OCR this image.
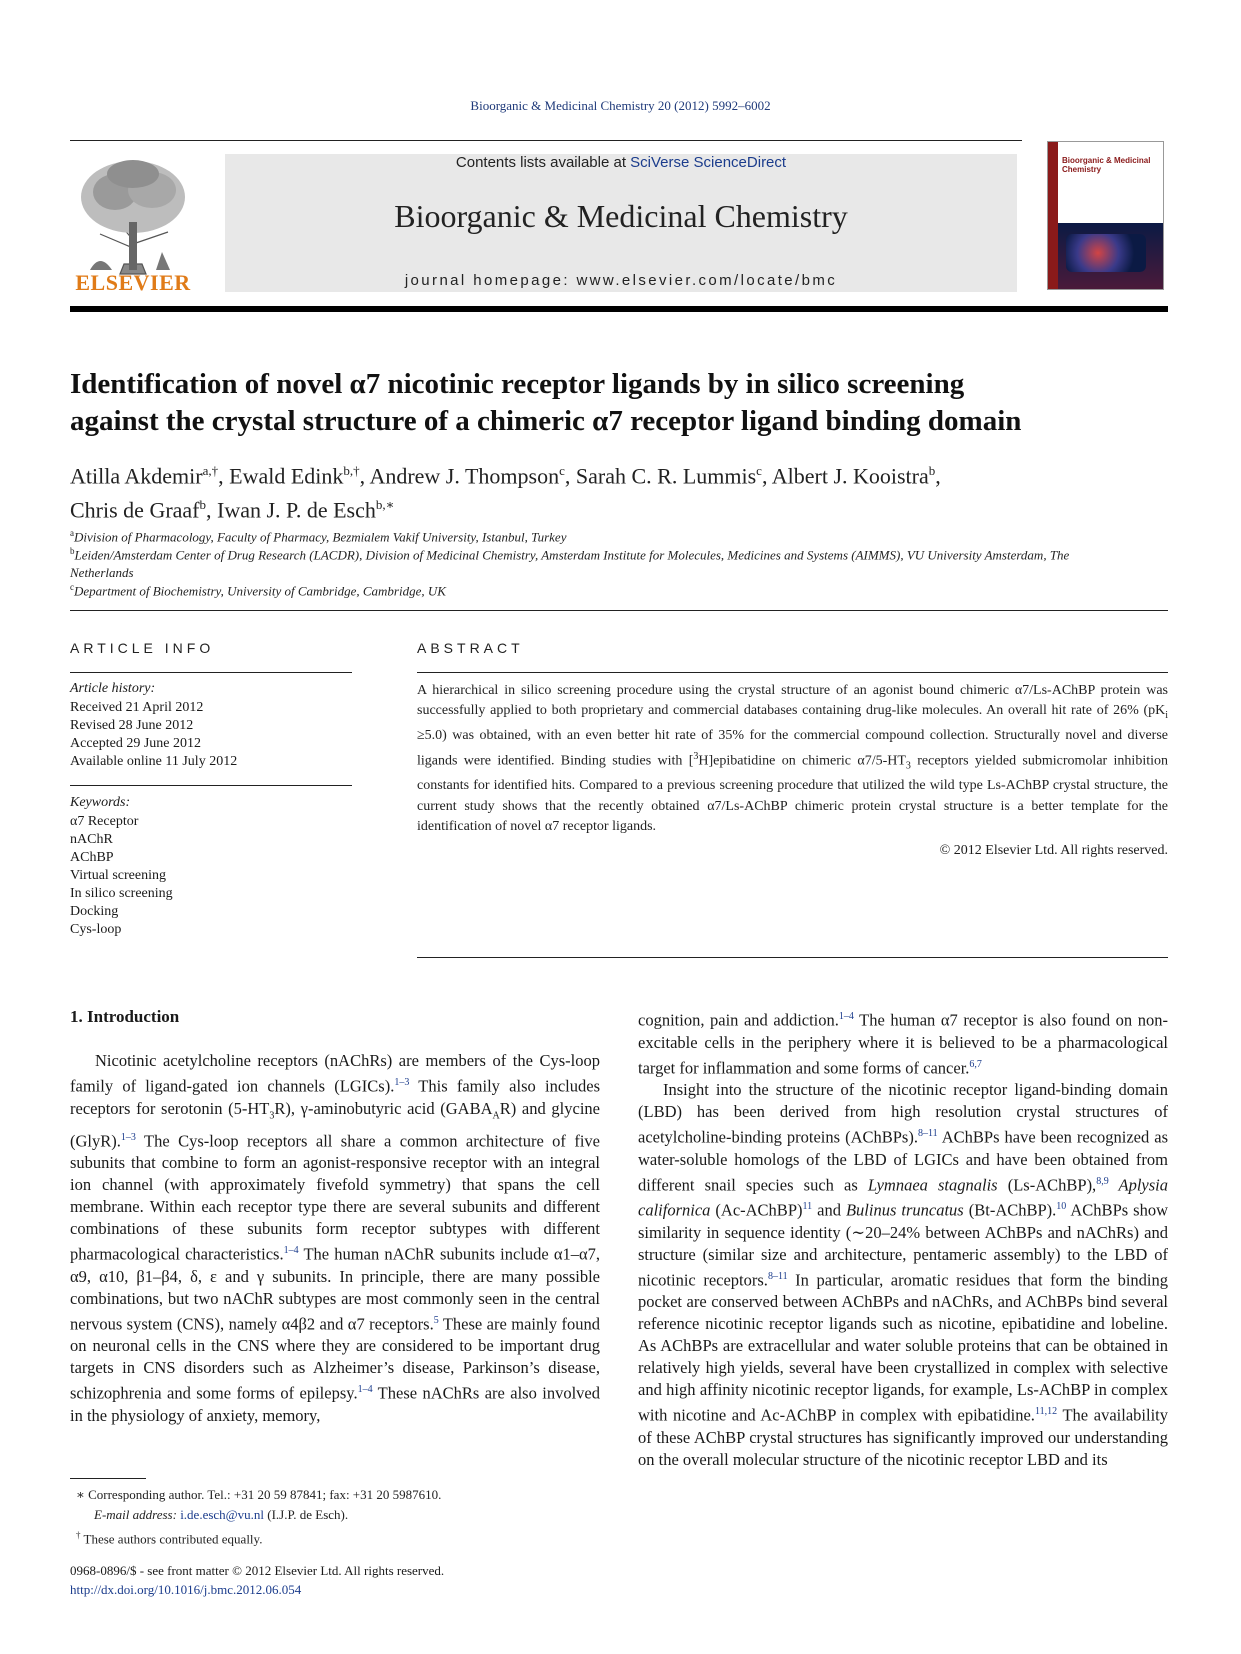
Bioorganic & Medicinal Chemistry 20 (2012) 5992–6002
ELSEVIER
Contents lists available at SciVerse ScienceDirect
Bioorganic & Medicinal Chemistry
journal homepage: www.elsevier.com/locate/bmc
Bioorganic & Medicinal Chemistry
Identification of novel α7 nicotinic receptor ligands by in silico screening
against the crystal structure of a chimeric α7 receptor ligand binding domain
Atilla Akdemir$^{a,\dagger}$, Ewald Edink$^{b,\dagger}$, Andrew J. Thompson$^c$, Sarah C. R. Lummis$^c$, Albert J. Kooistra$^b$,
Chris de Graaf$^b$, Iwan J. P. de Esch$^{b,∗}$
$^a$Division of Pharmacology, Faculty of Pharmacy, Bezmialem Vakif University, Istanbul, Turkey
$^b$Leiden/Amsterdam Center of Drug Research (LACDR), Division of Medicinal Chemistry, Amsterdam Institute for Molecules, Medicines and Systems (AIMMS), VU University Amsterdam, The Netherlands
$^c$Department of Biochemistry, University of Cambridge, Cambridge, UK
ARTICLE INFO	ABSTRACT
Article history:
Received 21 April 2012
Revised 28 June 2012
Accepted 29 June 2012
Available online 11 July 2012
Keywords:
α7 Receptor
nAChR
AChBP
Virtual screening
In silico screening
Docking
Cys-loop
A hierarchical in silico screening procedure using the crystal structure of an agonist bound chimeric α7/Ls-AChBP protein was successfully applied to both proprietary and commercial databases containing drug-like molecules. An overall hit rate of 26% $(pK_i \ge 5.0)$ was obtained, with an even better hit rate of 35% for the commercial compound collection. Structurally novel and diverse ligands were identified. Binding studies with [$^3$H]epibatidine on chimeric $\alpha 7/5-HT_3$ receptors yielded submicromolar inhibition constants for identified hits. Compared to a previous screening procedure that utilized the wild type Ls-AChBP crystal structure, the current study shows that the recently obtained α7/Ls-AChBP chimeric protein crystal structure is a better template for the identification of novel α7 receptor ligands.
© 2012 Elsevier Ltd. All rights reserved.
1. Introduction

Nicotinic acetylcholine receptors (nAChRs) are members of the Cys-loop family of ligand-gated ion channels (LGICs).$^{1-3}$ This family also includes receptors for serotonin $(5-HT_3R)$, γ-aminobutyric acid $(GABA_AR)$ and glycine (GlyR).$^{1-3}$ The Cys-loop receptors all share a common architecture of five subunits that combine to form an agonist-responsive receptor with an integral ion channel (with approximately fivefold symmetry) that spans the cell membrane. Within each receptor type there are several subunits and different combinations of these subunits form receptor subtypes with different pharmacological characteristics.$^{1-4}$ The human nAChR subunits include α1–α7, α9, α10, β1–β4, δ, ε and γ subunits. In principle, there are many possible combinations, but two nAChR subtypes are most commonly seen in the central nervous system (CNS), namely α4β2 and α7 receptors.$^5$ These are mainly found on neuronal cells in the CNS where they are considered to be important drug targets in CNS disorders such as Alzheimer’s disease, Parkinson’s disease, schizophrenia and some forms of epilepsy.$^{1-4}$ These nAChRs are also involved in the physiology of anxiety, memory,

cognition, pain and addiction.$^{1-4}$ The human α7 receptor is also found on non-excitable cells in the periphery where it is believed to be a pharmacological target for inflammation and some forms of cancer.$^{6,7}$

Insight into the structure of the nicotinic receptor ligand-binding domain (LBD) has been derived from high resolution crystal structures of acetylcholine-binding proteins (AChBPs).$^{8-11}$ AChBPs have been recognized as water-soluble homologs of the LBD of LGICs and have been obtained from different snail species such as Lymnaea stagnalis (Ls-AChBP),$^{8,9}$ Aplysia californica (Ac-AChBP)$^{11}$ and Bulinus truncatus (Bt-AChBP).$^{10}$ AChBPs show similarity in sequence identity (∼20–24% between AChBPs and nAChRs) and structure (similar size and architecture, pentameric assembly) to the LBD of nicotinic receptors.$^{8-11}$ In particular, aromatic residues that form the binding pocket are conserved between AChBPs and nAChRs, and AChBPs bind several reference nicotinic receptor ligands such as nicotine, epibatidine and lobeline. As AChBPs are extracellular and water soluble proteins that can be obtained in relatively high yields, several have been crystallized in complex with selective and high affinity nicotinic receptor ligands, for example, Ls-AChBP in complex with nicotine and Ac-AChBP in complex with epibatidine.$^{11,12}$ The availability of these AChBP crystal structures has significantly improved our understanding on the overall molecular structure of the nicotinic receptor LBD and its

∗ Corresponding author. Tel.: +31 20 59 87841; fax: +31 20 5987610.
E-mail address: i.de.esch@vu.nl (I.J.P. de Esch).
† These authors contributed equally.
0968-0896/$ - see front matter © 2012 Elsevier Ltd. All rights reserved.
http://dx.doi.org/10.1016/j.bmc.2012.06.054
